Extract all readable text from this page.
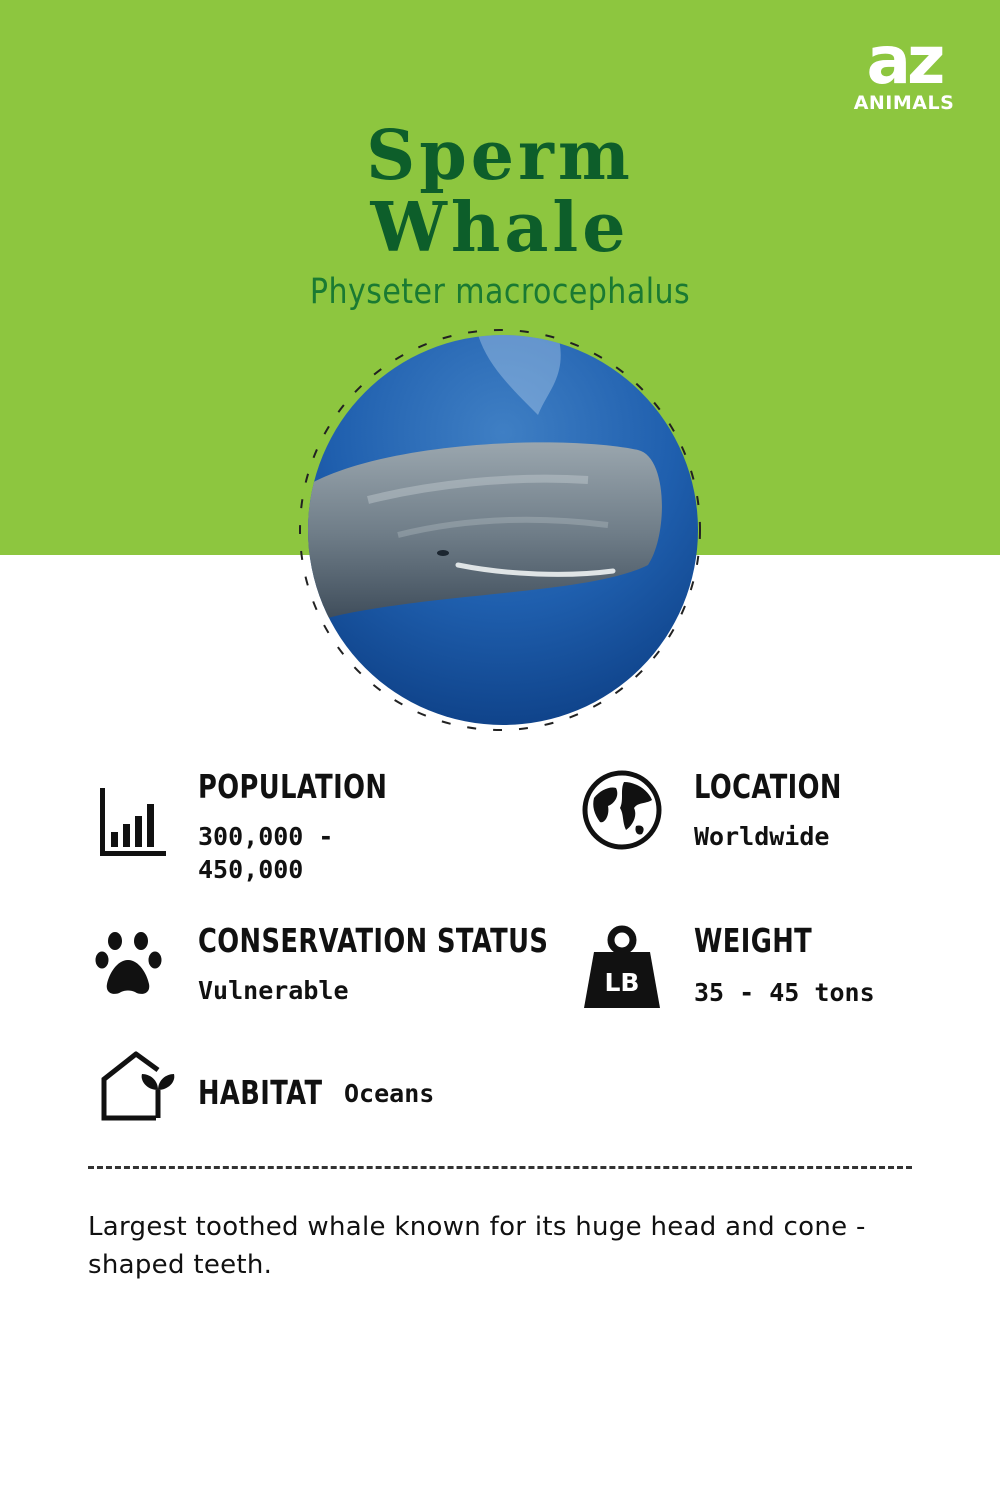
az
ANIMALS
Sperm
Whale
Physeter macrocephalus
POPULATION
300,000 -
450,000
LOCATION
Worldwide
CONSERVATION STATUS
Vulnerable	LB
WEIGHT
35 - 45 tons
HABITAT Oceans
Largest toothed whale known for its huge head and cone - shaped teeth.
